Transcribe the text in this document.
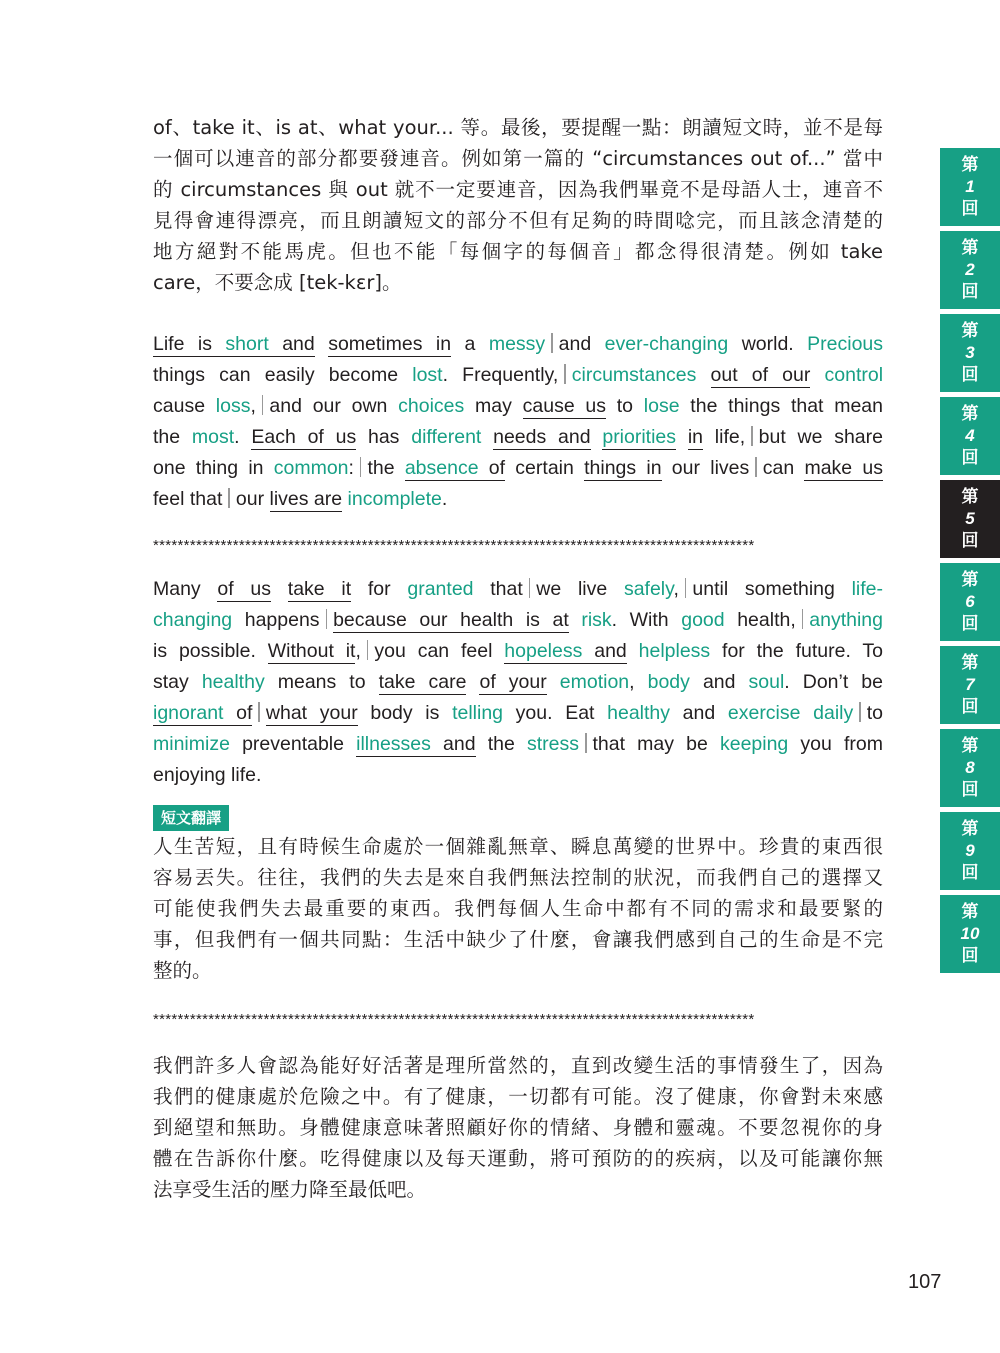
of、take it、is at、what your... 等。最後，要提醒一點：朗讀短文時，並不是每
一個可以連音的部分都要發連音。例如第一篇的 “circumstances out of...” 當中
的 circumstances 與 out 就不一定要連音，因為我們畢竟不是母語人士，連音不
見得會連得漂亮，而且朗讀短文的部分不但有足夠的時間唸完，而且該念清楚的
地方絕對不能馬虎。但也不能「每個字的每個音」都念得很清楚。例如 take
care，不要念成 [tek-kɛr]。
Life is short and sometimes in a messy and ever-changing world. Precious
things can easily become lost. Frequently, circumstances out of our control
cause loss, and our own choices may cause us to lose the things that mean
the most. Each of us has different needs and priorities in life, but we share
one thing in common: the absence of certain things in our lives can make us
feel that our lives are incomplete.
**************************************************************************************************
Many of us take it for granted that we live safely, until something life-
changing happens because our health is at risk. With good health, anything
is possible. Without it, you can feel hopeless and helpless for the future. To
stay healthy means to take care of your emotion, body and soul. Don’t be
ignorant of what your body is telling you. Eat healthy and exercise daily to
minimize preventable illnesses and the stress that may be keeping you from
enjoying life.
短文翻譯
人生苦短，且有時候生命處於一個雜亂無章、瞬息萬變的世界中。珍貴的東西很
容易丟失。往往，我們的失去是來自我們無法控制的狀況，而我們自己的選擇又
可能使我們失去最重要的東西。我們每個人生命中都有不同的需求和最要緊的
事，但我們有一個共同點：生活中缺少了什麼，會讓我們感到自己的生命是不完
整的。
**************************************************************************************************
我們許多人會認為能好好活著是理所當然的，直到改變生活的事情發生了，因為
我們的健康處於危險之中。有了健康，一切都有可能。沒了健康，你會對未來感
到絕望和無助。身體健康意味著照顧好你的情緒、身體和靈魂。不要忽視你的身
體在告訴你什麼。吃得健康以及每天運動，將可預防的的疾病，以及可能讓你無
法享受生活的壓力降至最低吧。
第
1
回
第
2
回
第
3
回
第
4
回
第
5
回
第
6
回
第
7
回
第
8
回
第
9
回
第
10
回
107
